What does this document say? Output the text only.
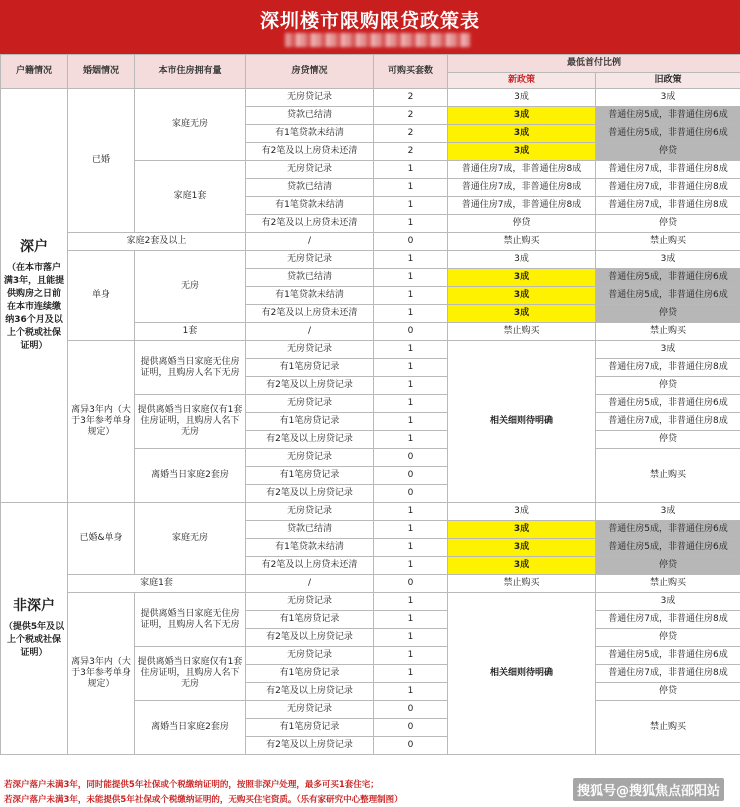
深圳楼市限购限贷政策表
户籍情况	婚姻情况	本市住房拥有量	房贷情况	可购买套数	最低首付比例	
					新政策	旧政策

深户
（在本市落户满3年，且能提供购房之日前在本市连续缴纳36个月及以上个税或社保证明）	已婚	家庭无房	无房贷记录	2	3成	3成
			贷款已结清	2	3成	普通住房5成，非普通住房6成
			有1笔贷款未结清	2	3成	普通住房5成，非普通住房6成
			有2笔及以上房贷未还清	2	3成	停贷
		家庭1套	无房贷记录	1	普通住房7成，非普通住房8成	普通住房7成，非普通住房8成
			贷款已结清	1	普通住房7成，非普通住房8成	普通住房7成，非普通住房8成
			有1笔贷款未结清	1	普通住房7成，非普通住房8成	普通住房7成，非普通住房8成
			有2笔及以上房贷未还清	1	停贷	停贷
	家庭2套及以上		/	0	禁止购买	禁止购买
	单身	无房	无房贷记录	1	3成	3成
			贷款已结清	1	3成	普通住房5成，非普通住房6成
			有1笔贷款未结清	1	3成	普通住房5成，非普通住房6成
			有2笔及以上房贷未还清	1	3成	停贷
		1套	/	0	禁止购买	禁止购买
	离异3年内（大于3年参考单身规定）	提供离婚当日家庭无住房证明，且购房人名下无房	无房贷记录	1	相关细则待明确	3成
			有1笔房贷记录	1		普通住房7成，非普通住房8成
			有2笔及以上房贷记录	1		停贷
		提供离婚当日家庭仅有1套住房证明，且购房人名下无房	无房贷记录	1		普通住房5成，非普通住房6成
			有1笔房贷记录	1		普通住房7成，非普通住房8成
			有2笔及以上房贷记录	1		停贷
		离婚当日家庭2套房	无房贷记录	0		禁止购买
			有1笔房贷记录	0		
			有2笔及以上房贷记录	0		

非深户
（提供5年及以上个税或社保证明）	已婚&单身	家庭无房	无房贷记录	1	3成	3成
			贷款已结清	1	3成	普通住房5成，非普通住房6成
			有1笔贷款未结清	1	3成	普通住房5成，非普通住房6成
			有2笔及以上房贷未还清	1	3成	停贷
	家庭1套		/	0	禁止购买	禁止购买
	离异3年内（大于3年参考单身规定）	提供离婚当日家庭无住房证明，且购房人名下无房	无房贷记录	1	相关细则待明确	3成
			有1笔房贷记录	1		普通住房7成，非普通住房8成
			有2笔及以上房贷记录	1		停贷
		提供离婚当日家庭仅有1套住房证明，且购房人名下无房	无房贷记录	1		普通住房5成，非普通住房6成
			有1笔房贷记录	1		普通住房7成，非普通住房8成
			有2笔及以上房贷记录	1		停贷
		离婚当日家庭2套房	无房贷记录	0		禁止购买
			有1笔房贷记录	0		
			有2笔及以上房贷记录	0		
若深户落户未满3年，同时能提供5年社保或个税缴纳证明的，按照非深户处理，最多可买1套住宅；
若深户落户未满3年，未能提供5年社保或个税缴纳证明的，无购买住宅资质。（乐有家研究中心整理制图）
搜狐号@搜狐焦点邵阳站
